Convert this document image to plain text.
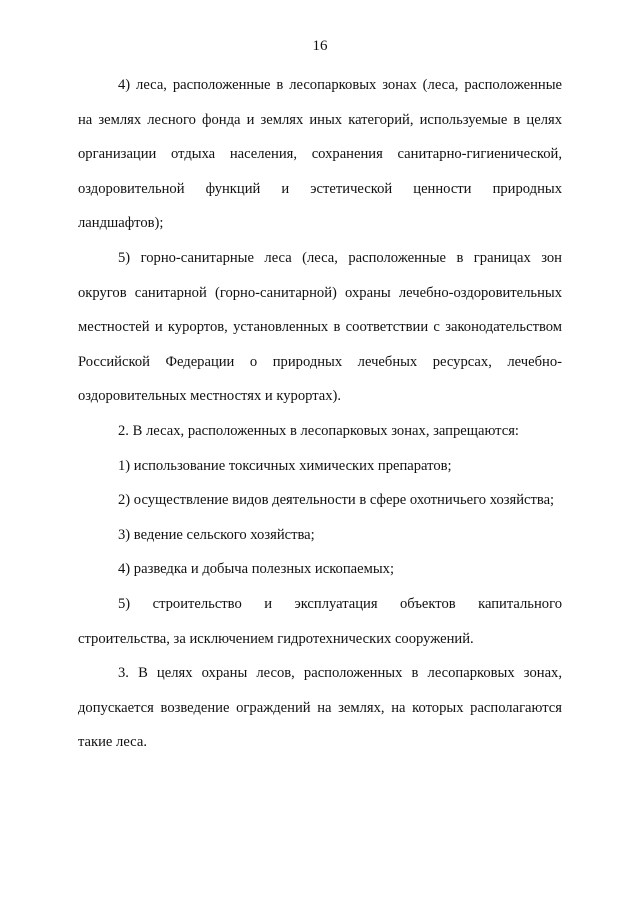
16

4) леса, расположенные в лесопарковых зонах (леса, расположенные на землях лесного фонда и землях иных категорий, используемые в целях организации отдыха населения, сохранения санитарно-гигиенической, оздоровительной функций и эстетической ценности природных ландшафтов);

5) горно-санитарные леса (леса, расположенные в границах зон округов санитарной (горно-санитарной) охраны лечебно-оздоровительных местностей и курортов, установленных в соответствии с законодательством Российской Федерации о природных лечебных ресурсах, лечебно-оздоровительных местностях и курортах).

2. В лесах, расположенных в лесопарковых зонах, запрещаются:

1) использование токсичных химических препаратов;

2) осуществление видов деятельности в сфере охотничьего хозяйства;

3) ведение сельского хозяйства;

4) разведка и добыча полезных ископаемых;

5) строительство и эксплуатация объектов капитального строительства, за исключением гидротехнических сооружений.

3. В целях охраны лесов, расположенных в лесопарковых зонах, допускается возведение ограждений на землях, на которых располагаются такие леса.
